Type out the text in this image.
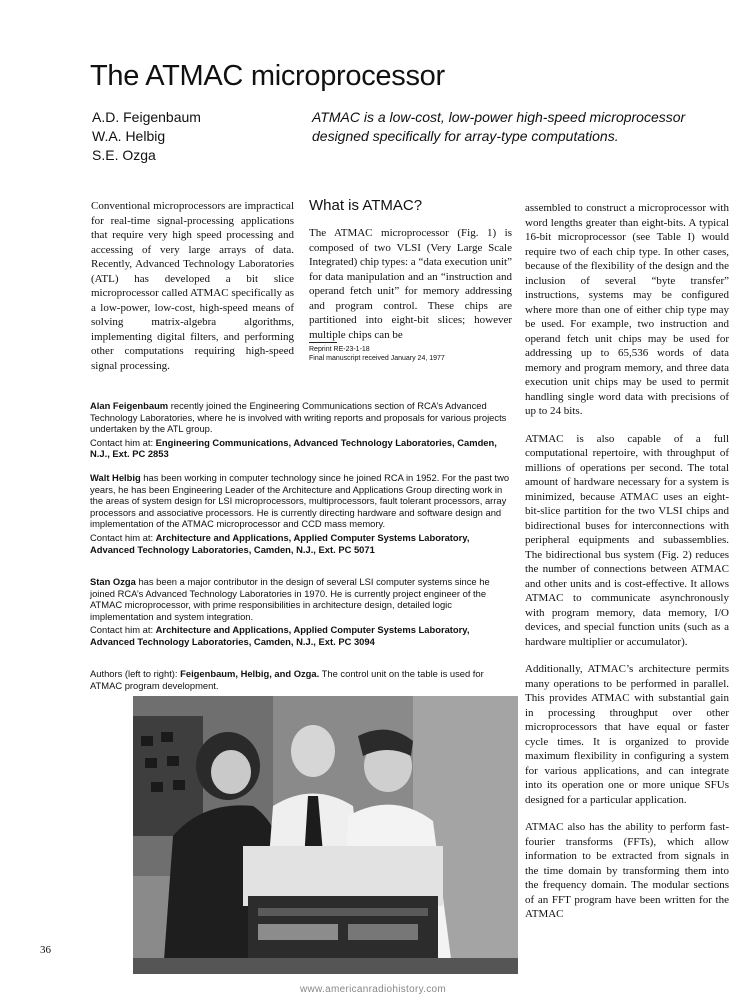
The ATMAC microprocessor
A.D. Feigenbaum
W.A. Helbig
S.E. Ozga
ATMAC is a low-cost, low-power high-speed microprocessor designed specifically for array-type computations.
Conventional microprocessors are impractical for real-time signal-processing applications that require very high speed processing and accessing of very large arrays of data. Recently, Advanced Technology Laboratories (ATL) has developed a bit slice microprocessor called ATMAC specifically as a low-power, low-cost, high-speed means of solving matrix-algebra algorithms, implementing digital filters, and performing other computations requiring high-speed signal processing.
What is ATMAC?
The ATMAC microprocessor (Fig. 1) is composed of two VLSI (Very Large Scale Integrated) chip types: a “data execution unit” for data manipulation and an “instruction and operand fetch unit” for memory addressing and program control. These chips are partitioned into eight-bit slices; however multiple chips can be
Reprint RE-23-1-18
Final manuscript received January 24, 1977

assembled to construct a microprocessor with word lengths greater than eight-bits. A typical 16-bit microprocessor (see Table I) would require two of each chip type. In other cases, because of the flexibility of the design and the inclusion of several “byte transfer” instructions, systems may be configured where more than one of either chip type may be used. For example, two instruction and operand fetch unit chips may be used for addressing up to 65,536 words of data memory and program memory, and three data execution unit chips may be used to permit handling single word data with precisions of up to 24 bits.

ATMAC is also capable of a full computational repertoire, with throughput of millions of operations per second. The total amount of hardware necessary for a system is minimized, because ATMAC uses an eight-bit-slice partition for the two VLSI chips and bidirectional buses for interconnections with peripheral equipments and subassemblies. The bidirectional bus system (Fig. 2) reduces the number of connections between ATMAC and other units and is cost-effective. It allows ATMAC to communicate asynchronously with program memory, data memory, I/O devices, and special function units (such as a hardware multiplier or accumulator).

Additionally, ATMAC’s architecture permits many operations to be performed in parallel. This provides ATMAC with substantial gain in processing throughput over other microprocessors that have equal or faster cycle times. It is organized to provide maximum flexibility in configuring a system for various applications, and can integrate into its operation one or more unique SFUs designed for a particular application.

ATMAC also has the ability to perform fast-fourier transforms (FFTs), which allow information to be extracted from signals in the time domain by transforming them into the frequency domain. The modular sections of an FFT program have been written for the ATMAC

Alan Feigenbaum recently joined the Engineering Communications section of RCA’s Advanced Technology Laboratories, where he is involved with writing reports and proposals for various projects undertaken by the ATL group.

Contact him at: Engineering Communications, Advanced Technology Laboratories, Camden, N.J., Ext. PC 2853

Walt Helbig has been working in computer technology since he joined RCA in 1952. For the past two years, he has been Engineering Leader of the Architecture and Applications Group directing work in the areas of system design for LSI microprocessors, multiprocessors, fault tolerant processors, array processors and associative processors. He is currently directing hardware and software design and implementation of the ATMAC microprocessor and CCD mass memory.

Contact him at: Architecture and Applications, Applied Computer Systems Laboratory, Advanced Technology Laboratories, Camden, N.J., Ext. PC 5071

Stan Ozga has been a major contributor in the design of several LSI computer systems since he joined RCA’s Advanced Technology Laboratories in 1970. He is currently project engineer of the ATMAC microprocessor, with prime responsibilities in architecture design, detailed logic implementation and system integration.

Contact him at: Architecture and Applications, Applied Computer Systems Laboratory, Advanced Technology Laboratories, Camden, N.J., Ext. PC 3094

Authors (left to right): Feigenbaum, Helbig, and Ozga. The control unit on the table is used for ATMAC program development.
36
www.americanradiohistory.com
